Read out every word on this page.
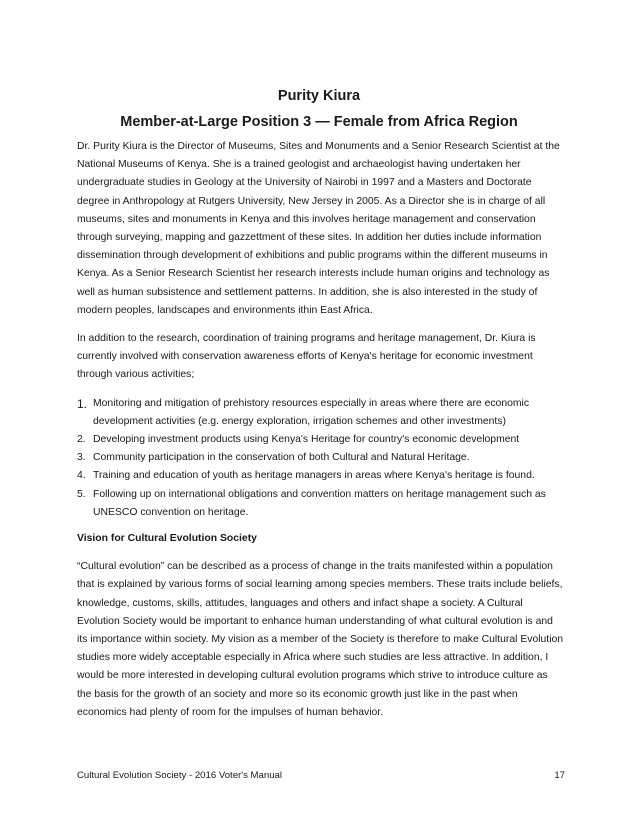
Purity Kiura
Member-at-Large Position 3 — Female from Africa Region

Dr. Purity Kiura is the Director of Museums, Sites and Monuments and a Senior Research Scientist at the National Museums of Kenya. She is a trained geologist and archaeologist having undertaken her undergraduate studies in Geology at the University of Nairobi in 1997 and a Masters and Doctorate degree in Anthropology at Rutgers University, New Jersey in 2005. As a Director she is in charge of all museums, sites and monuments in Kenya and this involves heritage management and conservation through surveying, mapping and gazzettment of these sites. In addition her duties include information dissemination through development of exhibitions and public programs within the different museums in Kenya. As a Senior Research Scientist her research interests include human origins and technology as well as human subsistence and settlement patterns. In addition, she is also interested in the study of modern peoples, landscapes and environments ithin East Africa.

In addition to the research, coordination of training programs and heritage management, Dr. Kiura is currently involved with conservation awareness efforts of Kenya's heritage for economic investment through various activities;

1. Monitoring and mitigation of prehistory resources especially in areas where there are economic development activities (e.g. energy exploration, irrigation schemes and other investments)
2. Developing investment products using Kenya's Heritage for country's economic development
3. Community participation in the conservation of both Cultural and Natural Heritage.
4. Training and education of youth as heritage managers in areas where Kenya's heritage is found.
5. Following up on international obligations and convention matters on heritage management such as UNESCO convention on heritage.
Vision for Cultural Evolution Society

“Cultural evolution” can be described as a process of change in the traits manifested within a population that is explained by various forms of social learning among species members. These traits include beliefs, knowledge, customs, skills, attitudes, languages and others and infact shape a society. A Cultural Evolution Society would be important to enhance human understanding of what cultural evolution is and its importance within society. My vision as a member of the Society is therefore to make Cultural Evolution studies more widely acceptable especially in Africa where such studies are less attractive. In addition, I would be more interested in developing cultural evolution programs which strive to introduce culture as the basis for the growth of an society and more so its economic growth just like in the past when economics had plenty of room for the impulses of human behavior.

Cultural Evolution Society - 2016 Voter's Manual	17
